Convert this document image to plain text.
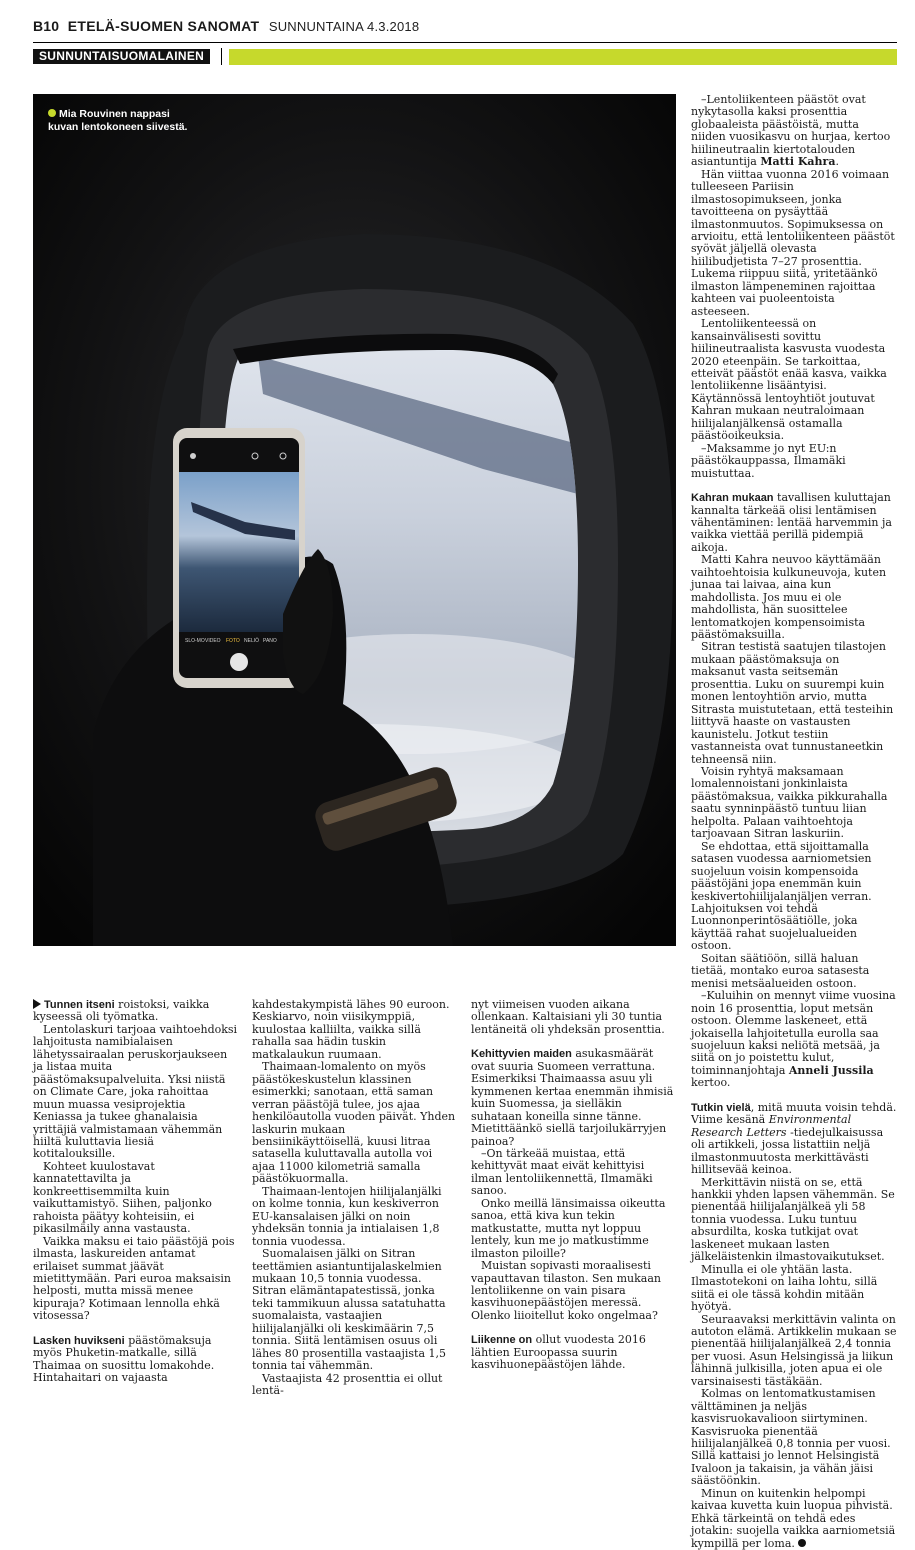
B10 ETELÄ-SUOMEN SANOMAT SUNNUNTAINA 4.3.2018
SUNNUNTAISUOMALAINEN
SLO-MO VIDEO FOTO NELIÖ PANO
Mia Rouvinen nappasi kuvan lentokoneen siivestä.

–Lentoliikenteen päästöt ovat nykytasolla kaksi prosenttia globaaleista päästöistä, mutta niiden vuosikasvu on hurjaa, kertoo hiilineutraalin kiertotalouden asiantuntija Matti Kahra.

Hän viittaa vuonna 2016 voimaan tulleeseen Pariisin ilmastosopimukseen, jonka tavoitteena on pysäyttää ilmastonmuutos. Sopimuksessa on arvioitu, että lentoliikenteen päästöt syövät jäljellä olevasta hiilibudjetista 7–27 prosenttia. Lukema riippuu siitä, yritetäänkö ilmaston lämpeneminen rajoittaa kahteen vai puoleentoista asteeseen.

Lentoliikenteessä on kansainvälisesti sovittu hiilineutraalista kasvusta vuodesta 2020 eteenpäin. Se tarkoittaa, etteivät päästöt enää kasva, vaikka lentoliikenne lisääntyisi. Käytännössä lentoyhtiöt joutuvat Kahran mukaan neutraloimaan hiilijalanjälkensä ostamalla päästöoikeuksia.

–Maksamme jo nyt EU:n päästökauppassa, Ilmamäki muistuttaa.

Kahran mukaan tavallisen kuluttajan kannalta tärkeää olisi lentämisen vähentäminen: lentää harvemmin ja vaikka viettää perillä pidempiä aikoja.

Matti Kahra neuvoo käyttämään vaihtoehtoisia kulkuneuvoja, kuten junaa tai laivaa, aina kun mahdollista. Jos muu ei ole mahdollista, hän suosittelee lentomatkojen kompensoimista päästömaksuilla.

Sitran testistä saatujen tilastojen mukaan päästömaksuja on maksanut vasta seitsemän prosenttia. Luku on suurempi kuin monen lentoyhtiön arvio, mutta Sitrasta muistutetaan, että testeihin liittyvä haaste on vastausten kaunistelu. Jotkut testiin vastanneista ovat tunnustaneetkin tehneensä niin.

Voisin ryhtyä maksamaan lomalennoistani jonkinlaista päästömaksua, vaikka pikkurahalla saatu synninpäästö tuntuu liian helpolta. Palaan vaihtoehtoja tarjoavaan Sitran laskuriin.

Se ehdottaa, että sijoittamalla satasen vuodessa aarniometsien suojeluun voisin kompensoida päästöjäni jopa enemmän kuin keskivertohiilijalanjäljen verran. Lahjoituksen voi tehdä Luonnonperintösäätiölle, joka käyttää rahat suojelualueiden ostoon.

Soitan säätiöön, sillä haluan tietää, montako euroa satasesta menisi metsäalueiden ostoon.

–Kuluihin on mennyt viime vuosina noin 16 prosenttia, loput metsän ostoon. Olemme laskeneet, että jokaisella lahjoitetulla eurolla saa suojeluun kaksi neliötä metsää, ja siitä on jo poistettu kulut, toiminnanjohtaja Anneli Jussila kertoo.

Tutkin vielä, mitä muuta voisin tehdä. Viime kesänä Environmental Research Letters -tiedejulkaisussa oli artikkeli, jossa listattiin neljä ilmastonmuutosta merkittävästi hillitsevää keinoa.

Merkittävin niistä on se, että hankkii yhden lapsen vähemmän. Se pienentää hiilijalanjälkeä yli 58 tonnia vuodessa. Luku tuntuu absurdilta, koska tutkijat ovat laskeneet mukaan lasten jälkeläistenkin ilmastovaikutukset.

Minulla ei ole yhtään lasta. Ilmastotekoni on laiha lohtu, sillä siitä ei ole tässä kohdin mitään hyötyä.

Seuraavaksi merkittävin valinta on autoton elämä. Artikkelin mukaan se pienentää hiilijalanjälkeä 2,4 tonnia per vuosi. Asun Helsingissä ja liikun lähinnä julkisilla, joten apua ei ole varsinaisesti tästäkään.

Kolmas on lentomatkustamisen välttäminen ja neljäs kasvisruokavalioon siirtyminen. Kasvisruoka pienentää hiilijalanjälkeä 0,8 tonnia per vuosi. Sillä kattaisi jo lennot Helsingistä Ivaloon ja takaisin, ja vähän jäisi säästöönkin.

Minun on kuitenkin helpompi kaivaa kuvetta kuin luopua pihvistä. Ehkä tärkeintä on tehdä edes jotakin: suojella vaikka aarniometsiä kympillä per loma.

Tunnen itseni roistoksi, vaikka kyseessä oli työmatka.

Lentolaskuri tarjoaa vaihtoehdoksi lahjoitusta namibialaisen lähetyssairaalan peruskorjaukseen ja listaa muita päästömaksupalveluita. Yksi niistä on Climate Care, joka rahoittaa muun muassa vesiprojektia Keniassa ja tukee ghanalaisia yrittäjiä valmistamaan vähemmän hiiltä kuluttavia liesiä kotitalouksille.

Kohteet kuulostavat kannatettavilta ja konkreettisemmilta kuin vaikuttamistyö. Siihen, paljonko rahoista päätyy kohteisiin, ei pikasilmäily anna vastausta.

Vaikka maksu ei taio päästöjä pois ilmasta, laskureiden antamat erilaiset summat jäävät mietittymään. Pari euroa maksaisin helposti, mutta missä menee kipuraja? Kotimaan lennolla ehkä vitosessa?

Lasken huvikseni päästömaksuja myös Phuketin-matkalle, sillä Thaimaa on suosittu lomakohde. Hintahaitari on vajaasta

kahdestakympistä lähes 90 euroon. Keskiarvo, noin viisikymppiä, kuulostaa kalliilta, vaikka sillä rahalla saa hädin tuskin matkalaukun ruumaan.

Thaimaan-lomalento on myös päästökeskustelun klassinen esimerkki; sanotaan, että saman verran päästöjä tulee, jos ajaa henkilöautolla vuoden päivät. Yhden laskurin mukaan bensiinikäyttöisellä, kuusi litraa satasella kuluttavalla autolla voi ajaa 11000 kilometriä samalla päästökuormalla.

Thaimaan-lentojen hiilijalanjälki on kolme tonnia, kun keskiverron EU-kansalaisen jälki on noin yhdeksän tonnia ja intialaisen 1,8 tonnia vuodessa.

Suomalaisen jälki on Sitran teettämien asiantuntijalaskelmien mukaan 10,5 tonnia vuodessa. Sitran elämäntapatestissä, jonka teki tammikuun alussa satatuhatta suomalaista, vastaajien hiilijalanjälki oli keskimäärin 7,5 tonnia. Siitä lentämisen osuus oli lähes 80 prosentilla vastaajista 1,5 tonnia tai vähemmän.

Vastaajista 42 prosenttia ei ollut lentä-

nyt viimeisen vuoden aikana ollenkaan. Kaltaisiani yli 30 tuntia lentäneitä oli yhdeksän prosenttia.

Kehittyvien maiden asukasmäärät ovat suuria Suomeen verrattuna. Esimerkiksi Thaimaassa asuu yli kymmenen kertaa enemmän ihmisiä kuin Suomessa, ja sielläkin suhataan koneilla sinne tänne. Mietittäänkö siellä tarjoilukärryjen painoa?

–On tärkeää muistaa, että kehittyvät maat eivät kehittyisi ilman lentoliikennettä, Ilmamäki sanoo.

Onko meillä länsimaissa oikeutta sanoa, että kiva kun tekin matkustatte, mutta nyt loppuu lentely, kun me jo matkustimme ilmaston piloille?

Muistan sopivasti moraalisesti vapauttavan tilaston. Sen mukaan lentoliikenne on vain pisara kasvihuonepäästöjen meressä. Olenko liioitellut koko ongelmaa?

Liikenne on ollut vuodesta 2016 lähtien Euroopassa suurin kasvihuonepäästöjen lähde.
